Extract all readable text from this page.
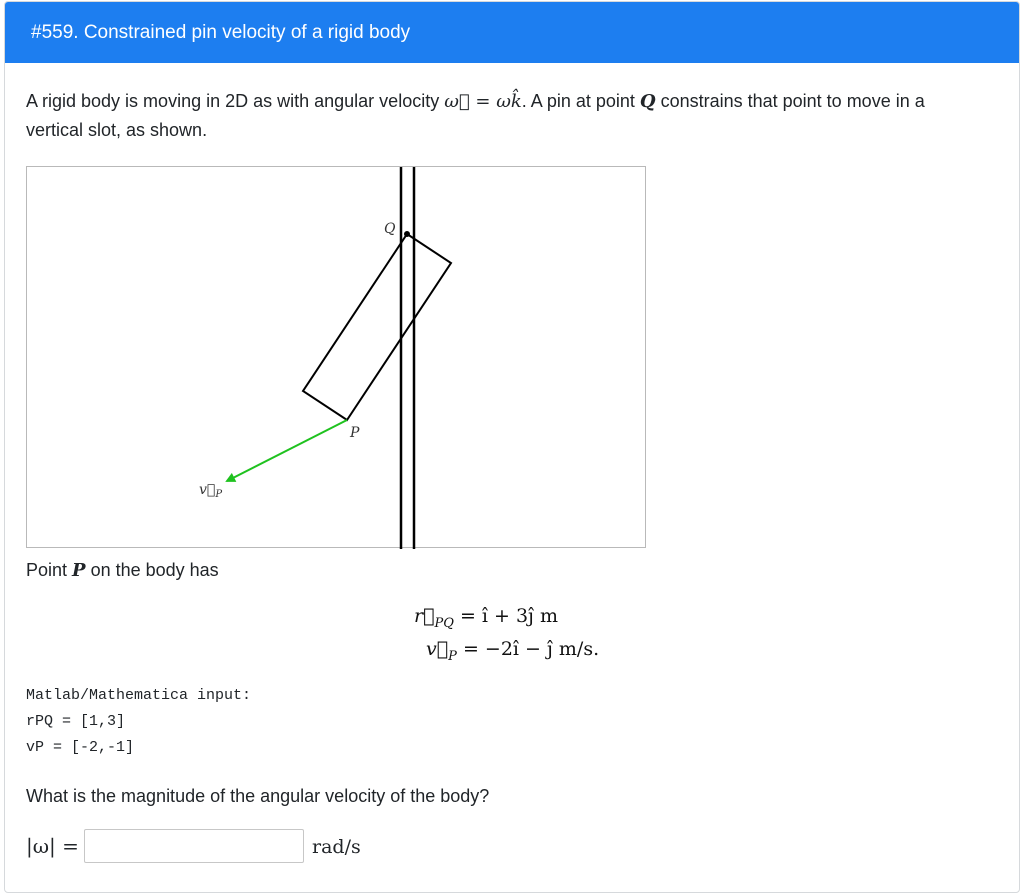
#559. Constrained pin velocity of a rigid body
A rigid body is moving in 2D as with angular velocity ω⃗ = ωk̂. A pin at point Q constrains that point to move in a vertical slot, as shown.
Q
P
$v⃗_P$
Point P on the body has
$r⃗_{PQ}$ = ı̂ + 3ȷ̂ m
$v⃗_P$ = −2ı̂ − ȷ̂ m/s.
Matlab/Mathematica input:
rPQ = [1,3]
vP = [-2,-1]
What is the magnitude of the angular velocity of the body?
|ω| =	rad/s
